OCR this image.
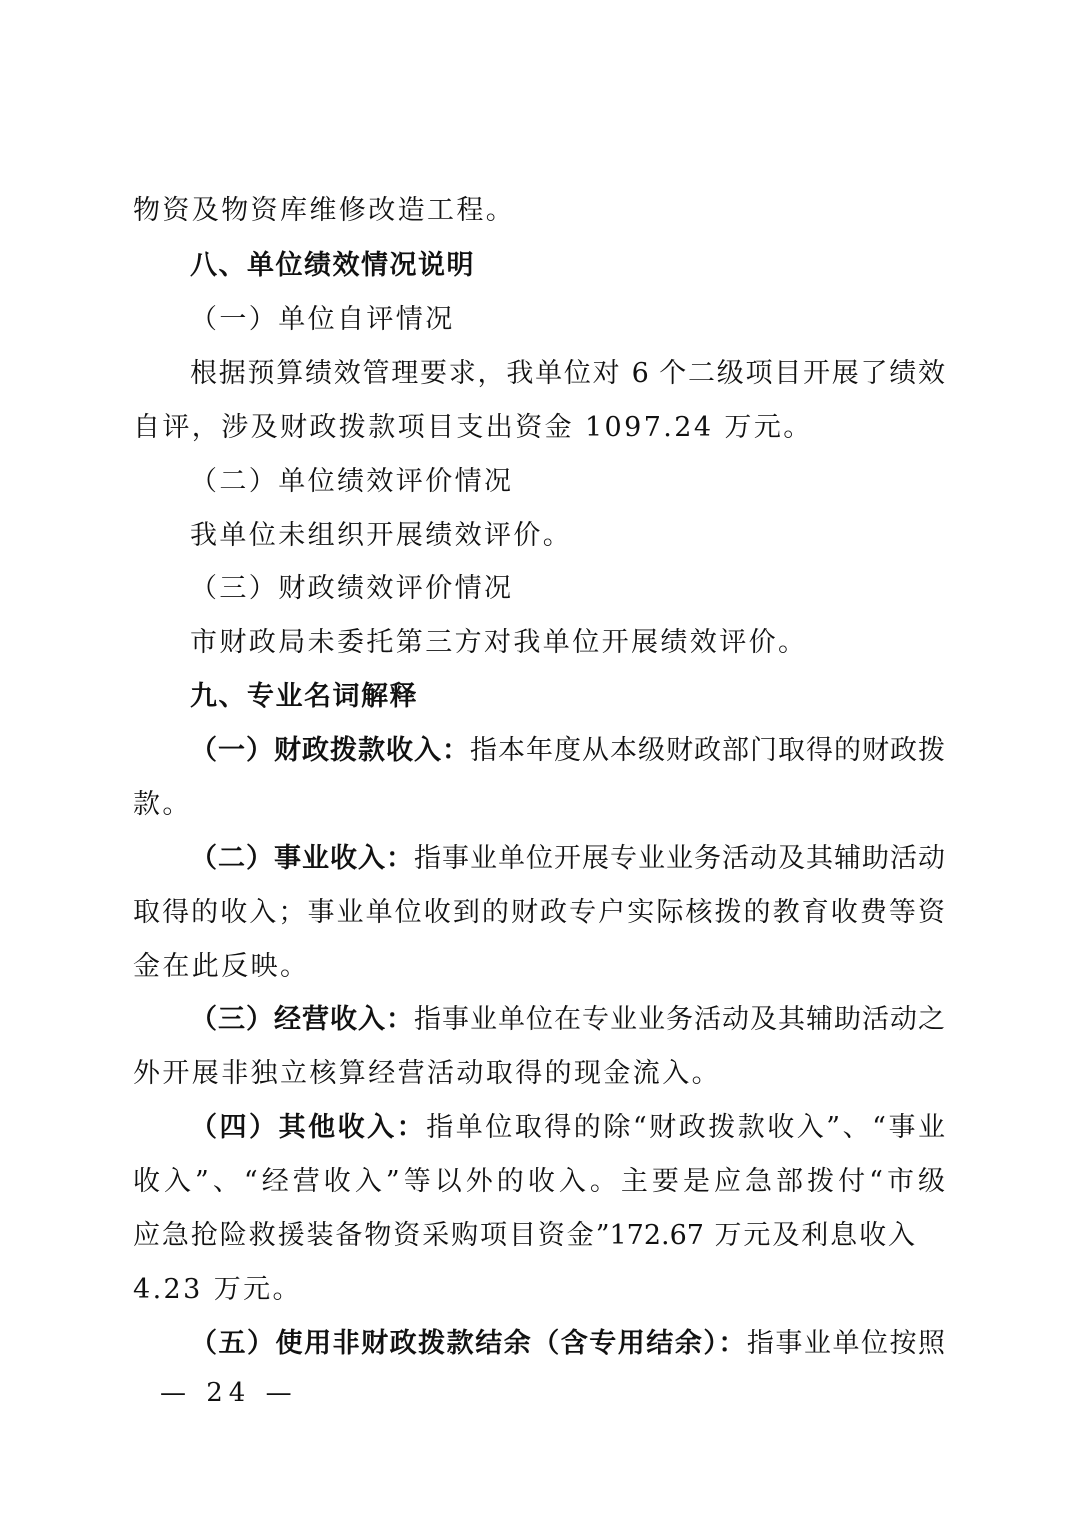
物资及物资库维修改造工程。
八、单位绩效情况说明
（一）单位自评情况
根据预算绩效管理要求，我单位对 6 个二级项目开展了绩效
自评，涉及财政拨款项目支出资金 1097.24 万元。
（二）单位绩效评价情况
我单位未组织开展绩效评价。
（三）财政绩效评价情况
市财政局未委托第三方对我单位开展绩效评价。
九、专业名词解释
（一）财政拨款收入：指本年度从本级财政部门取得的财政拨
款。
（二）事业收入：指事业单位开展专业业务活动及其辅助活动
取得的收入；事业单位收到的财政专户实际核拨的教育收费等资
金在此反映。
（三）经营收入：指事业单位在专业业务活动及其辅助活动之
外开展非独立核算经营活动取得的现金流入。
（四）其他收入：指单位取得的除“财政拨款收入”、“事业
收入”、“经营收入”等以外的收入。主要是应急部拨付“市级
应急抢险救援装备物资采购项目资金”172.67 万元及利息收入
4.23 万元。
（五）使用非财政拨款结余（含专用结余）：指事业单位按照
— 24 —
